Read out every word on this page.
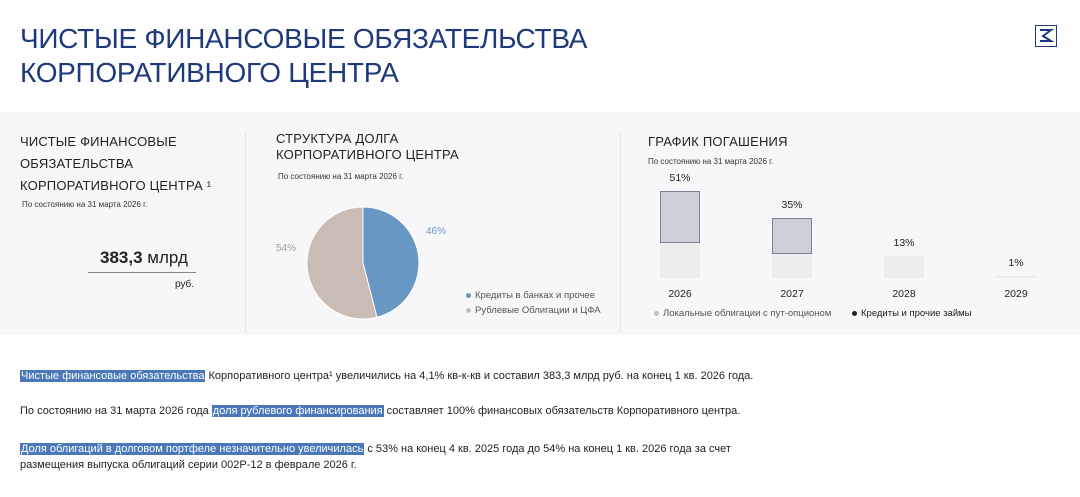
ЧИСТЫЕ ФИНАНСОВЫЕ ОБЯЗАТЕЛЬСТВА
КОРПОРАТИВНОГО ЦЕНТРА
ЧИСТЫЕ ФИНАНСОВЫЕ
ОБЯЗАТЕЛЬСТВА
КОРПОРАТИВНОГО ЦЕНТРА ¹
По состоянию на 31 марта 2026 г.
383,3 млрд
руб.
СТРУКТУРА ДОЛГА
КОРПОРАТИВНОГО ЦЕНТРА
По состоянию на 31 марта 2026 г.
46%
54%
Кредиты в банках и прочее
Рублевые Облигации и ЦФА
ГРАФИК ПОГАШЕНИЯ
По состоянию на 31 марта 2026 г.
51%
2026
35%
2027
13%
2028
1%
2029
Локальные облигации с пут-опционом	Кредиты и прочие займы
Чистые финансовые обязательства Корпоративного центра¹ увеличились на 4,1% кв-к-кв и составил 383,3 млрд руб. на конец 1 кв. 2026 года.
По состоянию на 31 марта 2026 года доля рублевого финансирования составляет 100% финансовых обязательств Корпоративного центра.
Доля облигаций в долговом портфеле незначительно увеличилась с 53% на конец 4 кв. 2025 года до 54% на конец 1 кв. 2026 года за счет
размещения выпуска облигаций серии 002Р-12 в феврале 2026 г.
